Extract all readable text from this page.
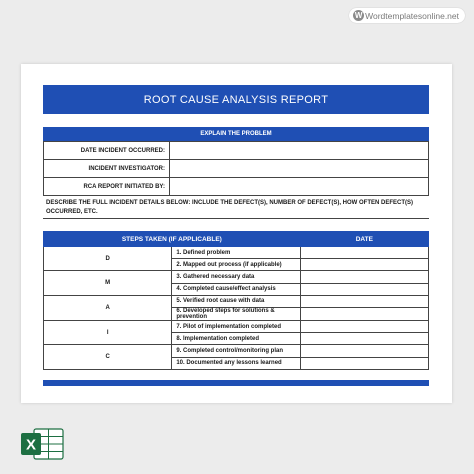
W Wordtemplatesonline.net
ROOT CAUSE ANALYSIS REPORT
EXPLAIN THE PROBLEM
DATE INCIDENT OCCURRED:	
INCIDENT INVESTIGATOR:	
RCA REPORT INITIATED BY:	
DESCRIBE THE FULL INCIDENT DETAILS BELOW: INCLUDE THE DEFECT(S), NUMBER OF DEFECT(S), HOW OFTEN DEFECT(S) OCCURRED, ETC.
STEPS TAKEN (IF APPLICABLE)		DATE
D	1. Defined problem	
	2. Mapped out process (if applicable)	
M	3. Gathered necessary data	
	4. Completed cause/effect analysis	
A	5. Verified root cause with data	
	6. Developed steps for solutions & prevention	
I	7. Pilot of implementation completed	
	8. Implementation completed	
C	9. Completed control/monitoring plan	
	10. Documented any lessons learned	
X
